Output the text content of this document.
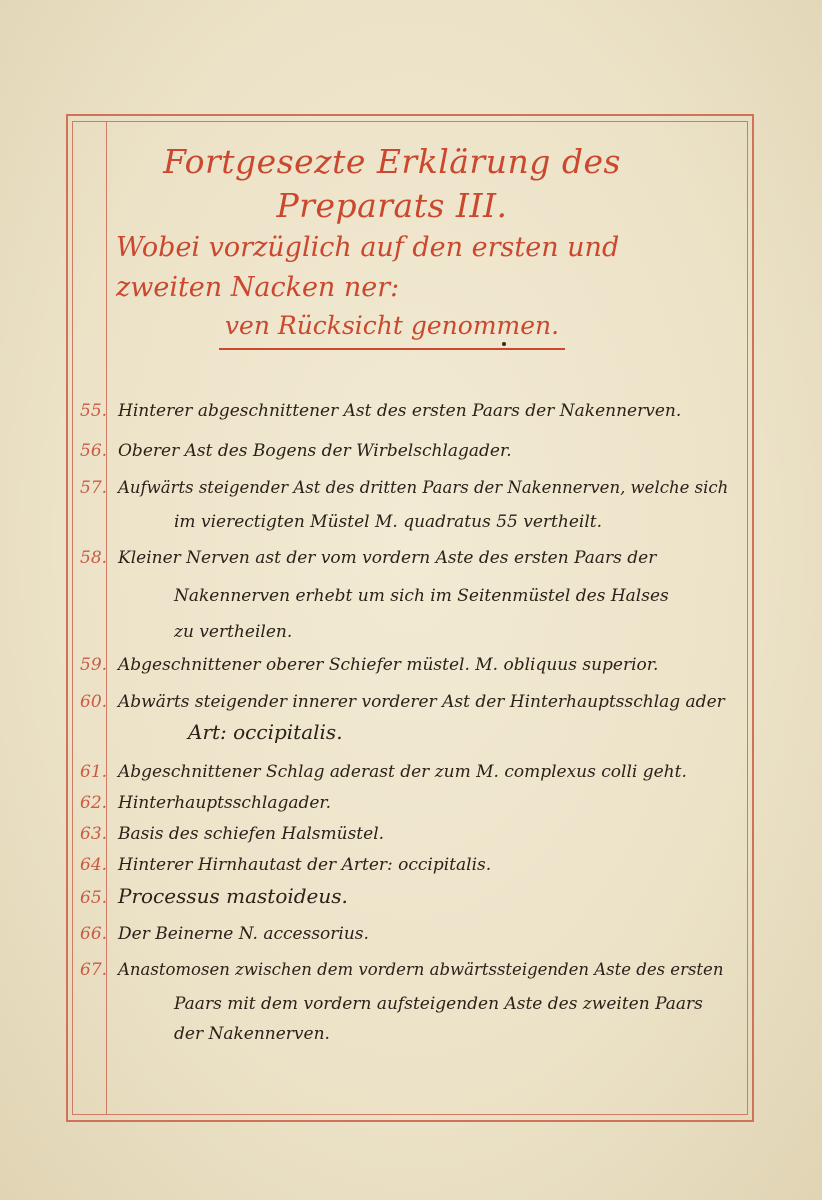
Fortgesezte Erklärung des Preparats III.
Wobei vorzüglich auf den ersten und zweiten Nacken ner:
ven Rücksicht genommen.
55. Hinterer abgeschnittener Ast des ersten Paars der Nakennerven.
56. Oberer Ast des Bogens der Wirbelschlagader.
57. Aufwärts steigender Ast des dritten Paars der Nakennerven, welche sich
im vierectigten Müstel M. quadratus 55 vertheilt.
58. Kleiner Nerven ast der vom vordern Aste des ersten Paars der
Nakennerven erhebt um sich im Seitenmüstel des Halses
zu vertheilen.
59. Abgeschnittener oberer Schiefer müstel. M. obliquus superior.
60. Abwärts steigender innerer vorderer Ast der Hinterhauptsschlag ader
Art: occipitalis.
61. Abgeschnittener Schlag aderast der zum M. complexus colli geht.
62. Hinterhauptsschlagader.
63. Basis des schiefen Halsmüstel.
64. Hinterer Hirnhautast der Arter: occipitalis.
65. Processus mastoideus.
66. Der Beinerne N. accessorius.
67. Anastomosen zwischen dem vordern abwärtssteigenden Aste des ersten
Paars mit dem vordern aufsteigenden Aste des zweiten Paars
der Nakennerven.
